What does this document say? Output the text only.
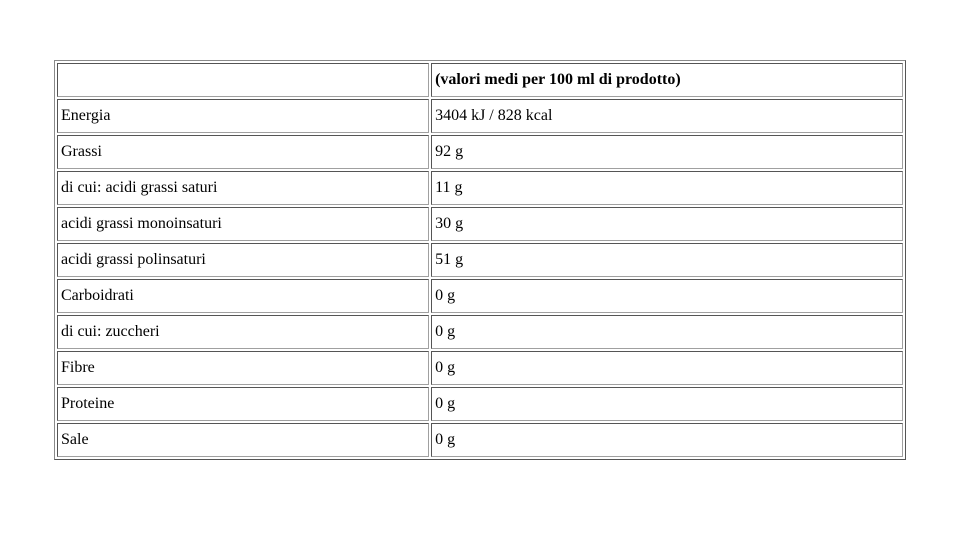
	(valori medi per 100 ml di prodotto)
Energia	3404 kJ / 828 kcal
Grassi	92 g
di cui: acidi grassi saturi	11 g
acidi grassi monoinsaturi	30 g
acidi grassi polinsaturi	51 g
Carboidrati	0 g
di cui: zuccheri	0 g
Fibre	0 g
Proteine	0 g
Sale	0 g
